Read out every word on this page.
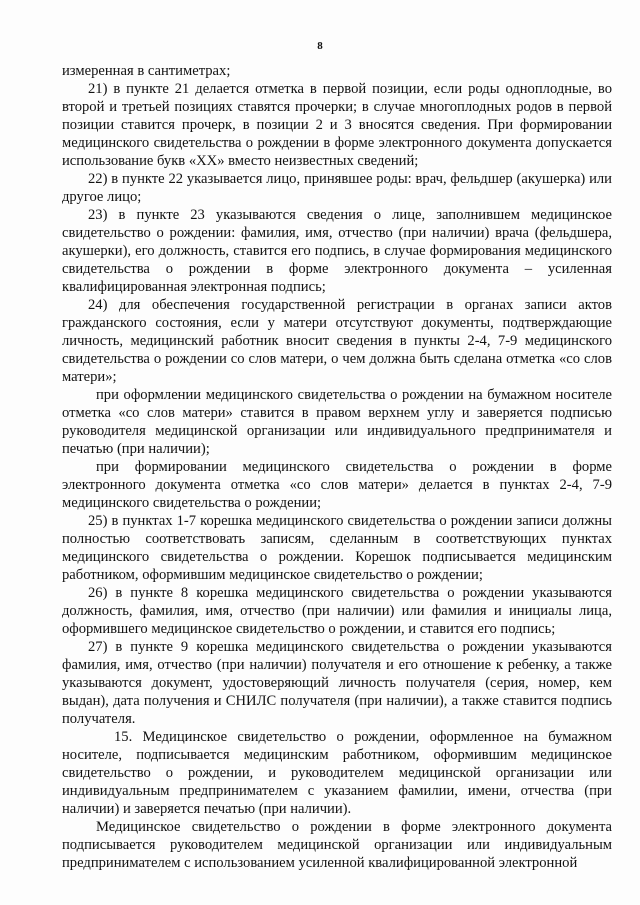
8

измеренная в сантиметрах;

21) в пункте 21 делается отметка в первой позиции, если роды одноплодные, во второй и третьей позициях ставятся прочерки; в случае многоплодных родов в первой позиции ставится прочерк, в позиции 2 и 3 вносятся сведения. При формировании медицинского свидетельства о рождении в форме электронного документа допускается использование букв «XX» вместо неизвестных сведений;

22) в пункте 22 указывается лицо, принявшее роды: врач, фельдшер (акушерка) или другое лицо;

23) в пункте 23 указываются сведения о лице, заполнившем медицинское свидетельство о рождении: фамилия, имя, отчество (при наличии) врача (фельдшера, акушерки), его должность, ставится его подпись, в случае формирования медицинского свидетельства о рождении в форме электронного документа – усиленная квалифицированная электронная подпись;

24) для обеспечения государственной регистрации в органах записи актов гражданского состояния, если у матери отсутствуют документы, подтверждающие личность, медицинский работник вносит сведения в пункты 2-4, 7-9 медицинского свидетельства о рождении со слов матери, о чем должна быть сделана отметка «со слов матери»;

при оформлении медицинского свидетельства о рождении на бумажном носителе отметка «со слов матери» ставится в правом верхнем углу и заверяется подписью руководителя медицинской организации или индивидуального предпринимателя и печатью (при наличии);

при формировании медицинского свидетельства о рождении в форме электронного документа отметка «со слов матери» делается в пунктах 2-4, 7-9 медицинского свидетельства о рождении;

25) в пунктах 1-7 корешка медицинского свидетельства о рождении записи должны полностью соответствовать записям, сделанным в соответствующих пунктах медицинского свидетельства о рождении. Корешок подписывается медицинским работником, оформившим медицинское свидетельство о рождении;

26) в пункте 8 корешка медицинского свидетельства о рождении указываются должность, фамилия, имя, отчество (при наличии) или фамилия и инициалы лица, оформившего медицинское свидетельство о рождении, и ставится его подпись;

27) в пункте 9 корешка медицинского свидетельства о рождении указываются фамилия, имя, отчество (при наличии) получателя и его отношение к ребенку, а также указываются документ, удостоверяющий личность получателя (серия, номер, кем выдан), дата получения и СНИЛС получателя (при наличии), а также ставится подпись получателя.

15. Медицинское свидетельство о рождении, оформленное на бумажном носителе, подписывается медицинским работником, оформившим медицинское свидетельство о рождении, и руководителем медицинской организации или индивидуальным предпринимателем с указанием фамилии, имени, отчества (при наличии) и заверяется печатью (при наличии).

Медицинское свидетельство о рождении в форме электронного документа подписывается руководителем медицинской организации или индивидуальным предпринимателем с использованием усиленной квалифицированной электронной
